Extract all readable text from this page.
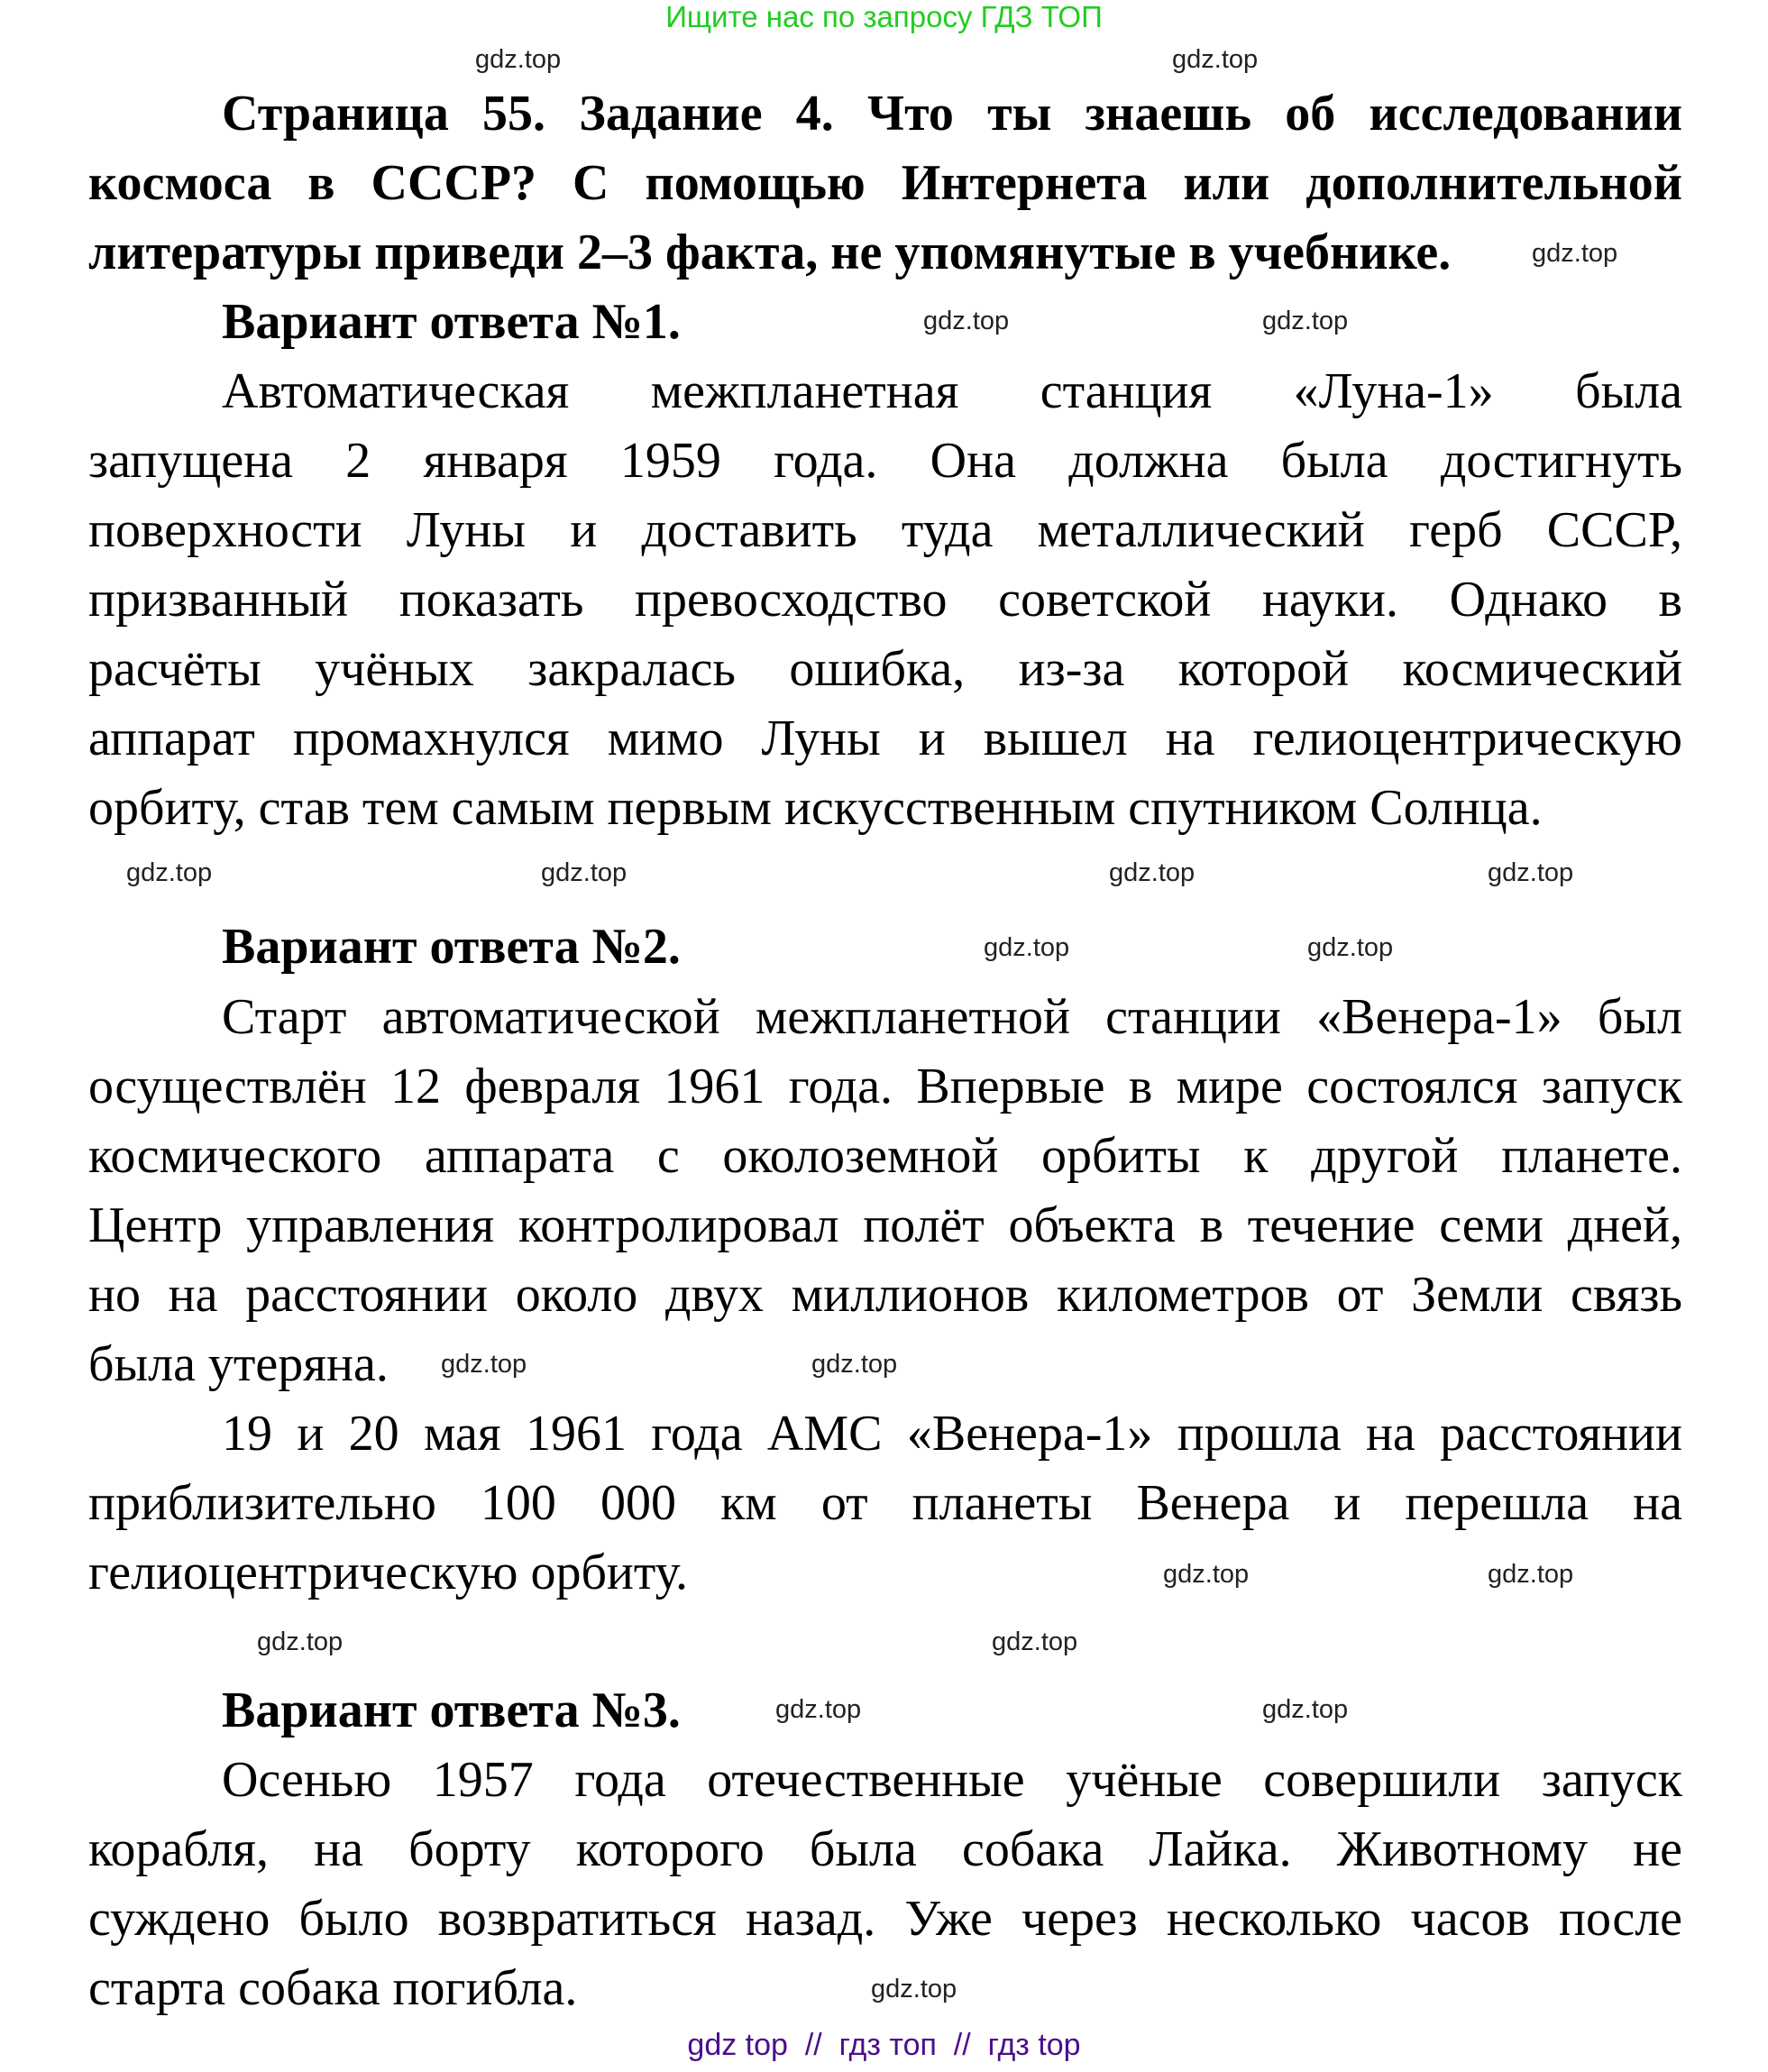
Ищите нас по запросу ГДЗ ТОП
Страница 55. Задание 4. Что ты знаешь об исследовании
космоса в СССР? С помощью Интернета или дополнительной
литературы приведи 2–3 факта, не упомянутые в учебнике.
Вариант ответа №1.
Автоматическая межпланетная станция «Луна-1» была
запущена 2 января 1959 года. Она должна была достигнуть
поверхности Луны и доставить туда металлический герб СССР,
призванный показать превосходство советской науки. Однако в
расчёты учёных закралась ошибка, из-за которой космический
аппарат промахнулся мимо Луны и вышел на гелиоцентрическую
орбиту, став тем самым первым искусственным спутником Солнца.
Вариант ответа №2.
Старт автоматической межпланетной станции «Венера-1» был
осуществлён 12 февраля 1961 года. Впервые в мире состоялся запуск
космического аппарата с околоземной орбиты к другой планете.
Центр управления контролировал полёт объекта в течение семи дней,
но на расстоянии около двух миллионов километров от Земли связь
была утеряна.
19 и 20 мая 1961 года АМС «Венера-1» прошла на расстоянии
приблизительно 100 000 км от планеты Венера и перешла на
гелиоцентрическую орбиту.
Вариант ответа №3.
Осенью 1957 года отечественные учёные совершили запуск
корабля, на борту которого была собака Лайка. Животному не
суждено было возвратиться назад. Уже через несколько часов после
старта собака погибла.
gdz.top	gdz.top
gdz.top
gdz.top	gdz.top
gdz.top	gdz.top	gdz.top	gdz.top
gdz.top	gdz.top
gdz.top	gdz.top
gdz.top	gdz.top
gdz.top	gdz.top
gdz.top	gdz.top
gdz.top
gdz top  //  гдз топ  //  гдз top
